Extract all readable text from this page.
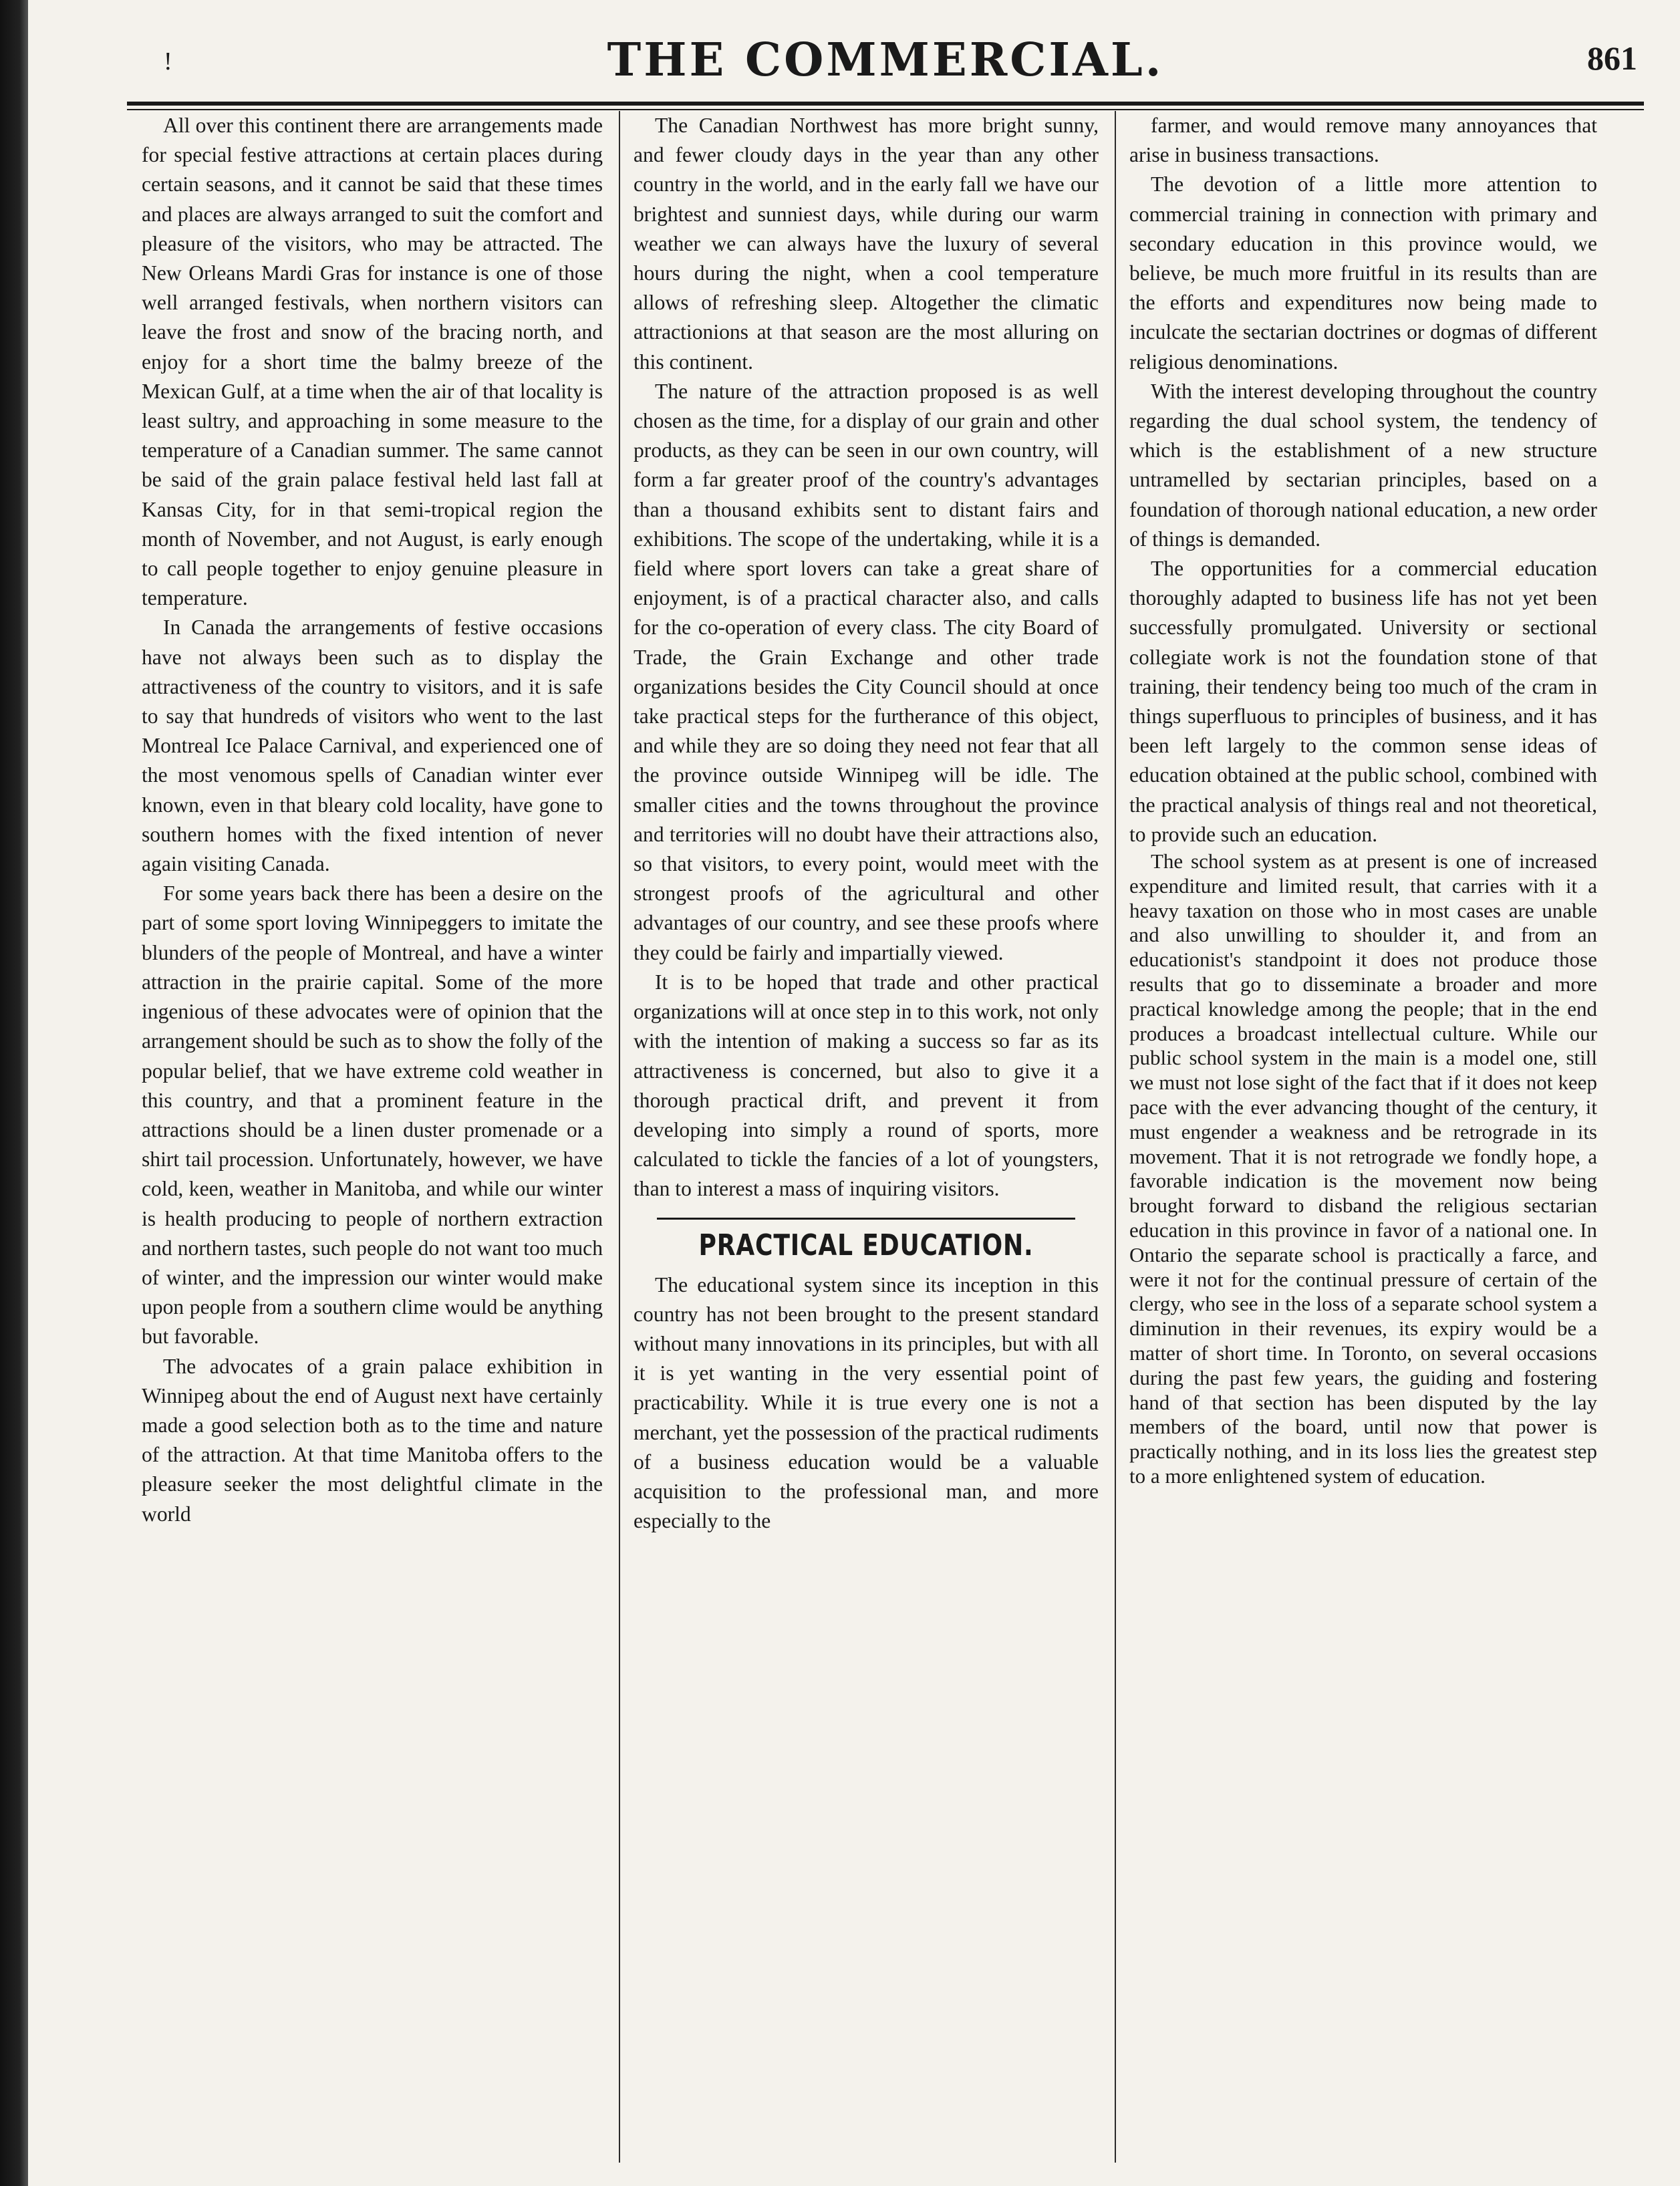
!	THE COMMERCIAL.	861

All over this continent there are arrangements made for special festive attractions at certain places during certain seasons, and it cannot be said that these times and places are always arranged to suit the comfort and pleasure of the visitors, who may be attracted. The New Orleans Mardi Gras for instance is one of those well arranged festivals, when northern visitors can leave the frost and snow of the bracing north, and enjoy for a short time the balmy breeze of the Mexican Gulf, at a time when the air of that locality is least sultry, and approaching in some measure to the temperature of a Canadian summer. The same cannot be said of the grain palace festival held last fall at Kansas City, for in that semi-tropical region the month of November, and not August, is early enough to call people together to enjoy genuine pleasure in temperature.

In Canada the arrangements of festive occasions have not always been such as to display the attractiveness of the country to visitors, and it is safe to say that hundreds of visitors who went to the last Montreal Ice Palace Carnival, and experienced one of the most venomous spells of Canadian winter ever known, even in that bleary cold locality, have gone to southern homes with the fixed intention of never again visiting Canada.

For some years back there has been a desire on the part of some sport loving Winnipeggers to imitate the blunders of the people of Montreal, and have a winter attraction in the prairie capital. Some of the more ingenious of these advocates were of opinion that the arrangement should be such as to show the folly of the popular belief, that we have extreme cold weather in this country, and that a prominent feature in the attractions should be a linen duster promenade or a shirt tail procession. Unfortunately, however, we have cold, keen, weather in Manitoba, and while our winter is health producing to people of northern extraction and northern tastes, such people do not want too much of winter, and the impression our winter would make upon people from a southern clime would be anything but favorable.

The advocates of a grain palace exhibition in Winnipeg about the end of August next have certainly made a good selection both as to the time and nature of the attraction. At that time Manitoba offers to the pleasure seeker the most delightful climate in the world

The Canadian Northwest has more bright sunny, and fewer cloudy days in the year than any other country in the world, and in the early fall we have our brightest and sunniest days, while during our warm weather we can always have the luxury of several hours during the night, when a cool temperature allows of refreshing sleep. Altogether the climatic attractionions at that season are the most alluring on this continent.

The nature of the attraction proposed is as well chosen as the time, for a display of our grain and other products, as they can be seen in our own country, will form a far greater proof of the country's advantages than a thousand exhibits sent to distant fairs and exhibitions. The scope of the undertaking, while it is a field where sport lovers can take a great share of enjoyment, is of a practical character also, and calls for the co-operation of every class. The city Board of Trade, the Grain Exchange and other trade organizations besides the City Council should at once take practical steps for the furtherance of this object, and while they are so doing they need not fear that all the province outside Winnipeg will be idle. The smaller cities and the towns throughout the province and territories will no doubt have their attractions also, so that visitors, to every point, would meet with the strongest proofs of the agricultural and other advantages of our country, and see these proofs where they could be fairly and impartially viewed.

It is to be hoped that trade and other practical organizations will at once step in to this work, not only with the intention of making a success so far as its attractiveness is concerned, but also to give it a thorough practical drift, and prevent it from developing into simply a round of sports, more calculated to tickle the fancies of a lot of youngsters, than to interest a mass of inquiring visitors.

PRACTICAL EDUCATION.

The educational system since its inception in this country has not been brought to the present standard without many innovations in its principles, but with all it is yet wanting in the very essential point of practicability. While it is true every one is not a merchant, yet the possession of the practical rudiments of a business education would be a valuable acquisition to the professional man, and more especially to the

farmer, and would remove many annoyances that arise in business transactions.

The devotion of a little more attention to commercial training in connection with primary and secondary education in this province would, we believe, be much more fruitful in its results than are the efforts and expenditures now being made to inculcate the sectarian doctrines or dogmas of different religious denominations.

With the interest developing throughout the country regarding the dual school system, the tendency of which is the establishment of a new structure untramelled by sectarian principles, based on a foundation of thorough national education, a new order of things is demanded.

The opportunities for a commercial education thoroughly adapted to business life has not yet been successfully promulgated. University or sectional collegiate work is not the foundation stone of that training, their tendency being too much of the cram in things superfluous to principles of business, and it has been left largely to the common sense ideas of education obtained at the public school, combined with the practical analysis of things real and not theoretical, to provide such an education.

The school system as at present is one of increased expenditure and limited result, that carries with it a heavy taxation on those who in most cases are unable and also unwilling to shoulder it, and from an educationist's standpoint it does not produce those results that go to disseminate a broader and more practical knowledge among the people; that in the end produces a broadcast intellectual culture. While our public school system in the main is a model one, still we must not lose sight of the fact that if it does not keep pace with the ever advancing thought of the century, it must engender a weakness and be retrograde in its movement. That it is not retrograde we fondly hope, a favorable indication is the movement now being brought forward to disband the religious sectarian education in this province in favor of a national one. In Ontario the separate school is practically a farce, and were it not for the continual pressure of certain of the clergy, who see in the loss of a separate school system a diminution in their revenues, its expiry would be a matter of short time. In Toronto, on several occasions during the past few years, the guiding and fostering hand of that section has been disputed by the lay members of the board, until now that power is practically nothing, and in its loss lies the greatest step to a more enlightened system of education.
